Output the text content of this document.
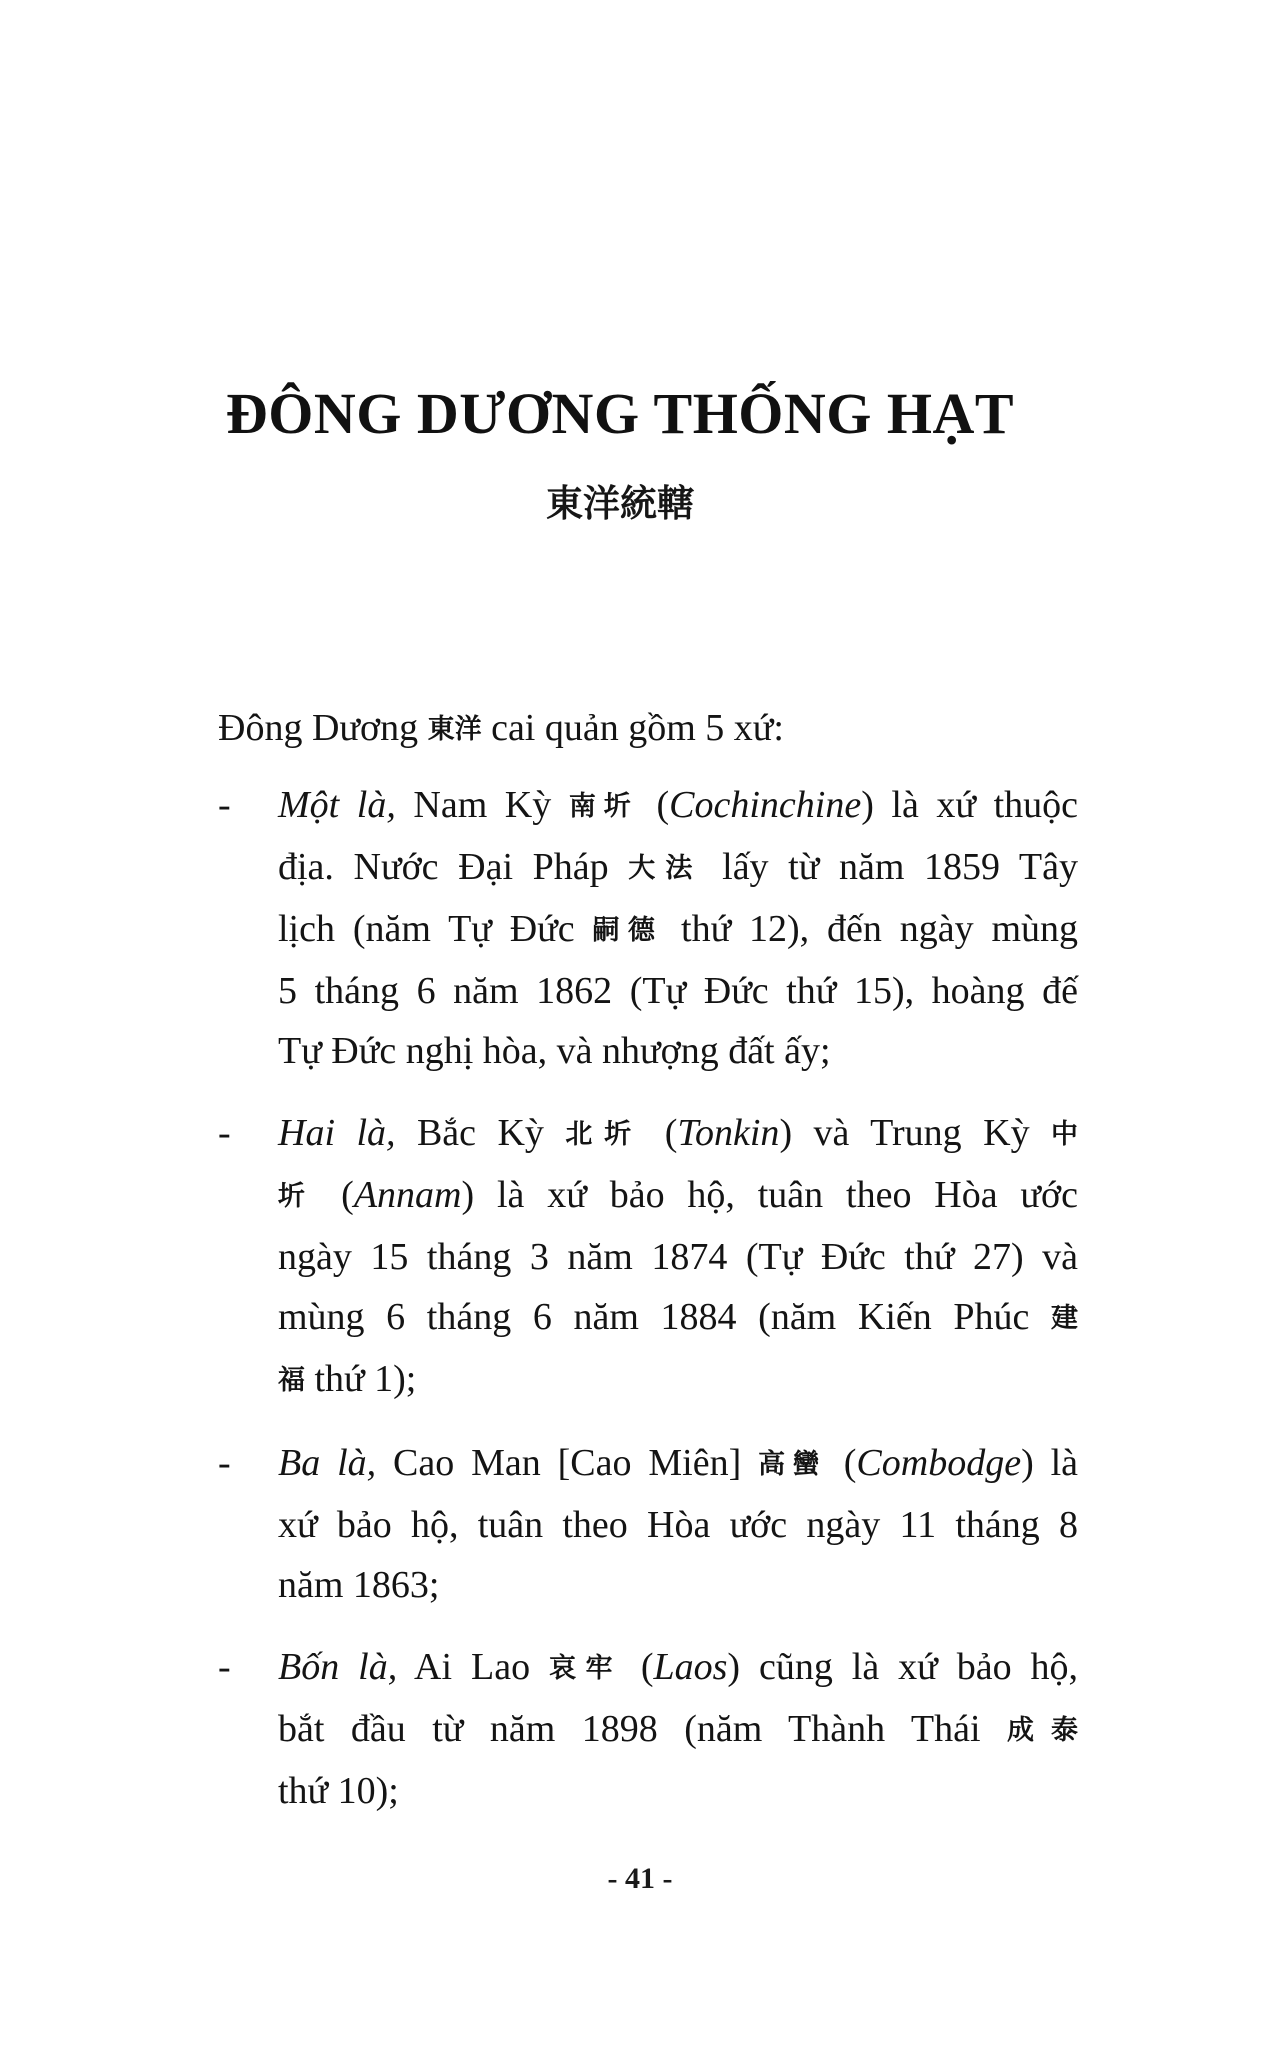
ĐÔNG DƯƠNG THỐNG HẠT
東洋統轄

Đông Dương 東洋 cai quản gồm 5 xứ:

-	Một là, Nam Kỳ 南圻 (Cochinchine) là xứ thuộc
địa. Nước Đại Pháp 大法 lấy từ năm 1859 Tây
lịch (năm Tự Đức 嗣德 thứ 12), đến ngày mùng
5 tháng 6 năm 1862 (Tự Đức thứ 15), hoàng đế
Tự Đức nghị hòa, và nhượng đất ấy;
-	Hai là, Bắc Kỳ 北圻 (Tonkin) và Trung Kỳ 中
圻 (Annam) là xứ bảo hộ, tuân theo Hòa ước
ngày 15 tháng 3 năm 1874 (Tự Đức thứ 27) và
mùng 6 tháng 6 năm 1884 (năm Kiến Phúc 建
福 thứ 1);
-	Ba là, Cao Man [Cao Miên] 高蠻 (Combodge) là
xứ bảo hộ, tuân theo Hòa ước ngày 11 tháng 8
năm 1863;
-	Bốn là, Ai Lao 哀牢 (Laos) cũng là xứ bảo hộ,
bắt đầu từ năm 1898 (năm Thành Thái 成泰
thứ 10);
- 41 -
